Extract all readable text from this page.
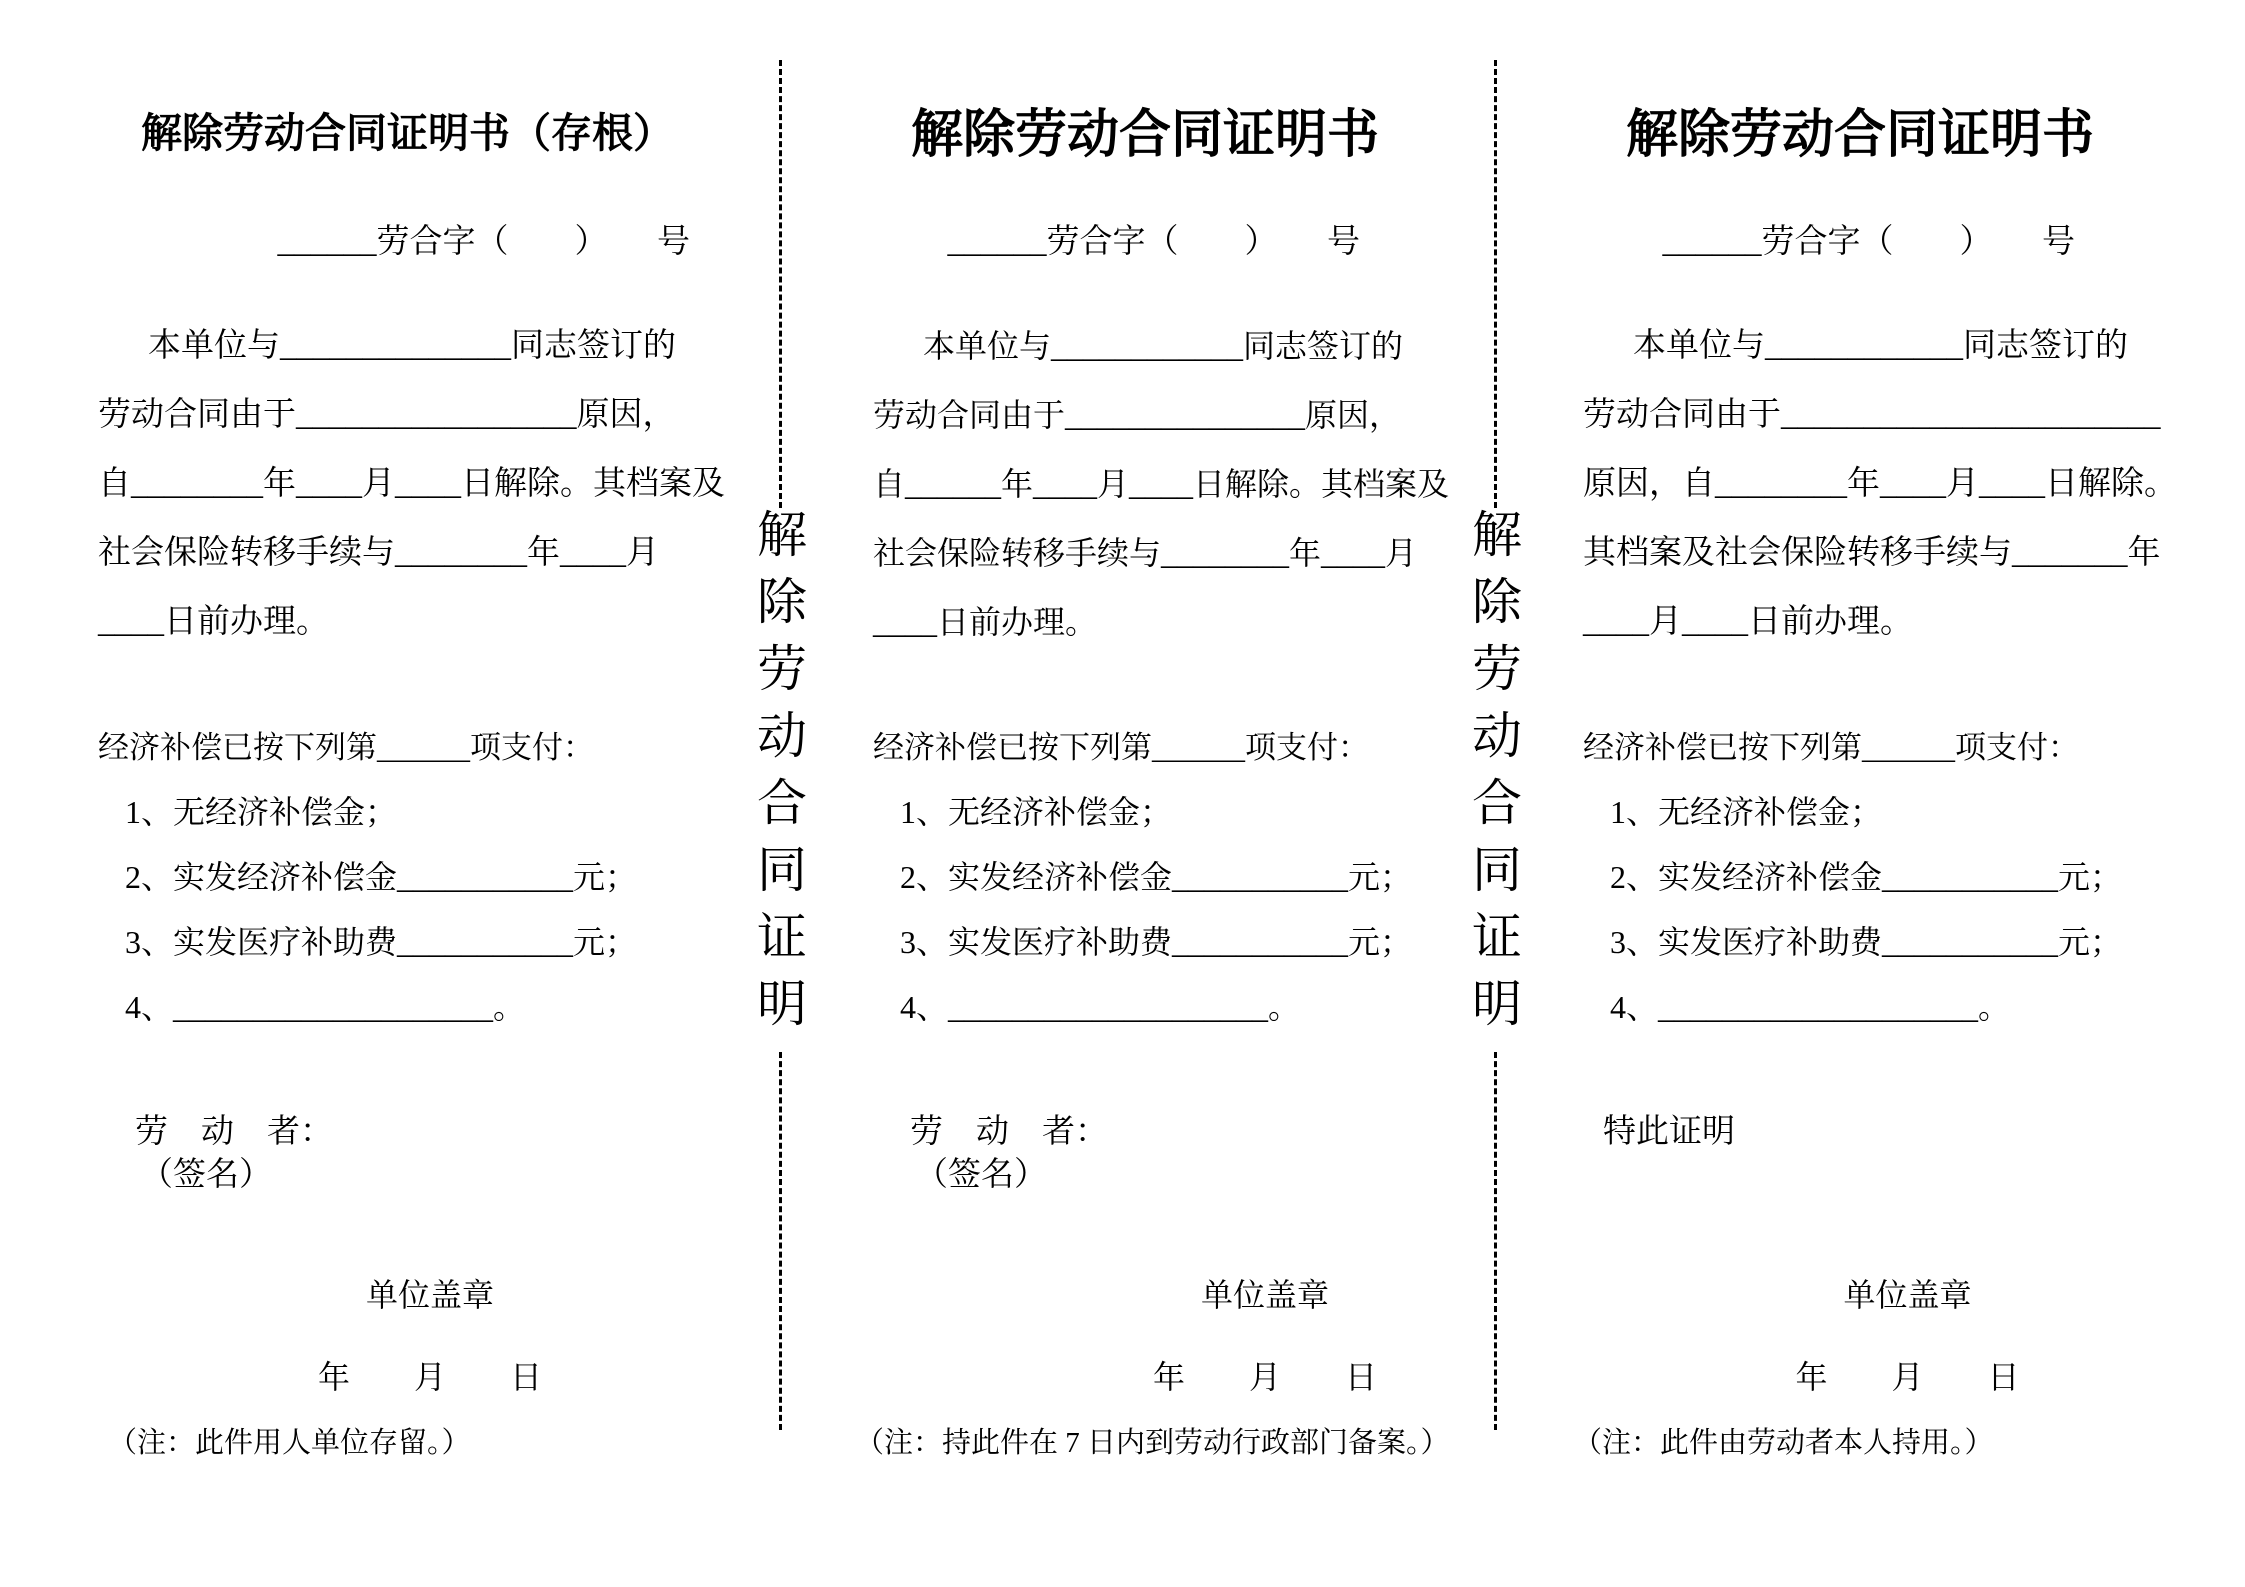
解除劳动合同证明书（存根）
______劳合字（　　）　　号
本单位与______________同志签订的
劳动合同由于_________________原因，
自________年____月____日解除。其档案及
社会保险转移手续与________年____月
____日前办理。
经济补偿已按下列第______项支付：
1、无经济补偿金；
2、实发经济补偿金___________元；
3、实发医疗补助费___________元；
4、____________________。
劳　动　者：
（签名）
单位盖章
年　　月　　日
（注：此件用人单位存留。）
解除劳动合同证明
解除劳动合同证明书
______劳合字（　　）　　号
本单位与____________同志签订的
劳动合同由于_______________原因，
自______年____月____日解除。其档案及
社会保险转移手续与________年____月
____日前办理。
经济补偿已按下列第______项支付：
1、无经济补偿金；
2、实发经济补偿金___________元；
3、实发医疗补助费___________元；
4、____________________。
劳　动　者：
（签名）
单位盖章
年　　月　　日
（注：持此件在 7 日内到劳动行政部门备案。）
解除劳动合同证明
解除劳动合同证明书
______劳合字（　　）　　号
本单位与____________同志签订的
劳动合同由于_______________________
原因，自________年____月____日解除。
其档案及社会保险转移手续与_______年
____月____日前办理。
经济补偿已按下列第______项支付：
1、无经济补偿金；
2、实发经济补偿金___________元；
3、实发医疗补助费___________元；
4、____________________。
特此证明
单位盖章
年　　月　　日
（注：此件由劳动者本人持用。）
